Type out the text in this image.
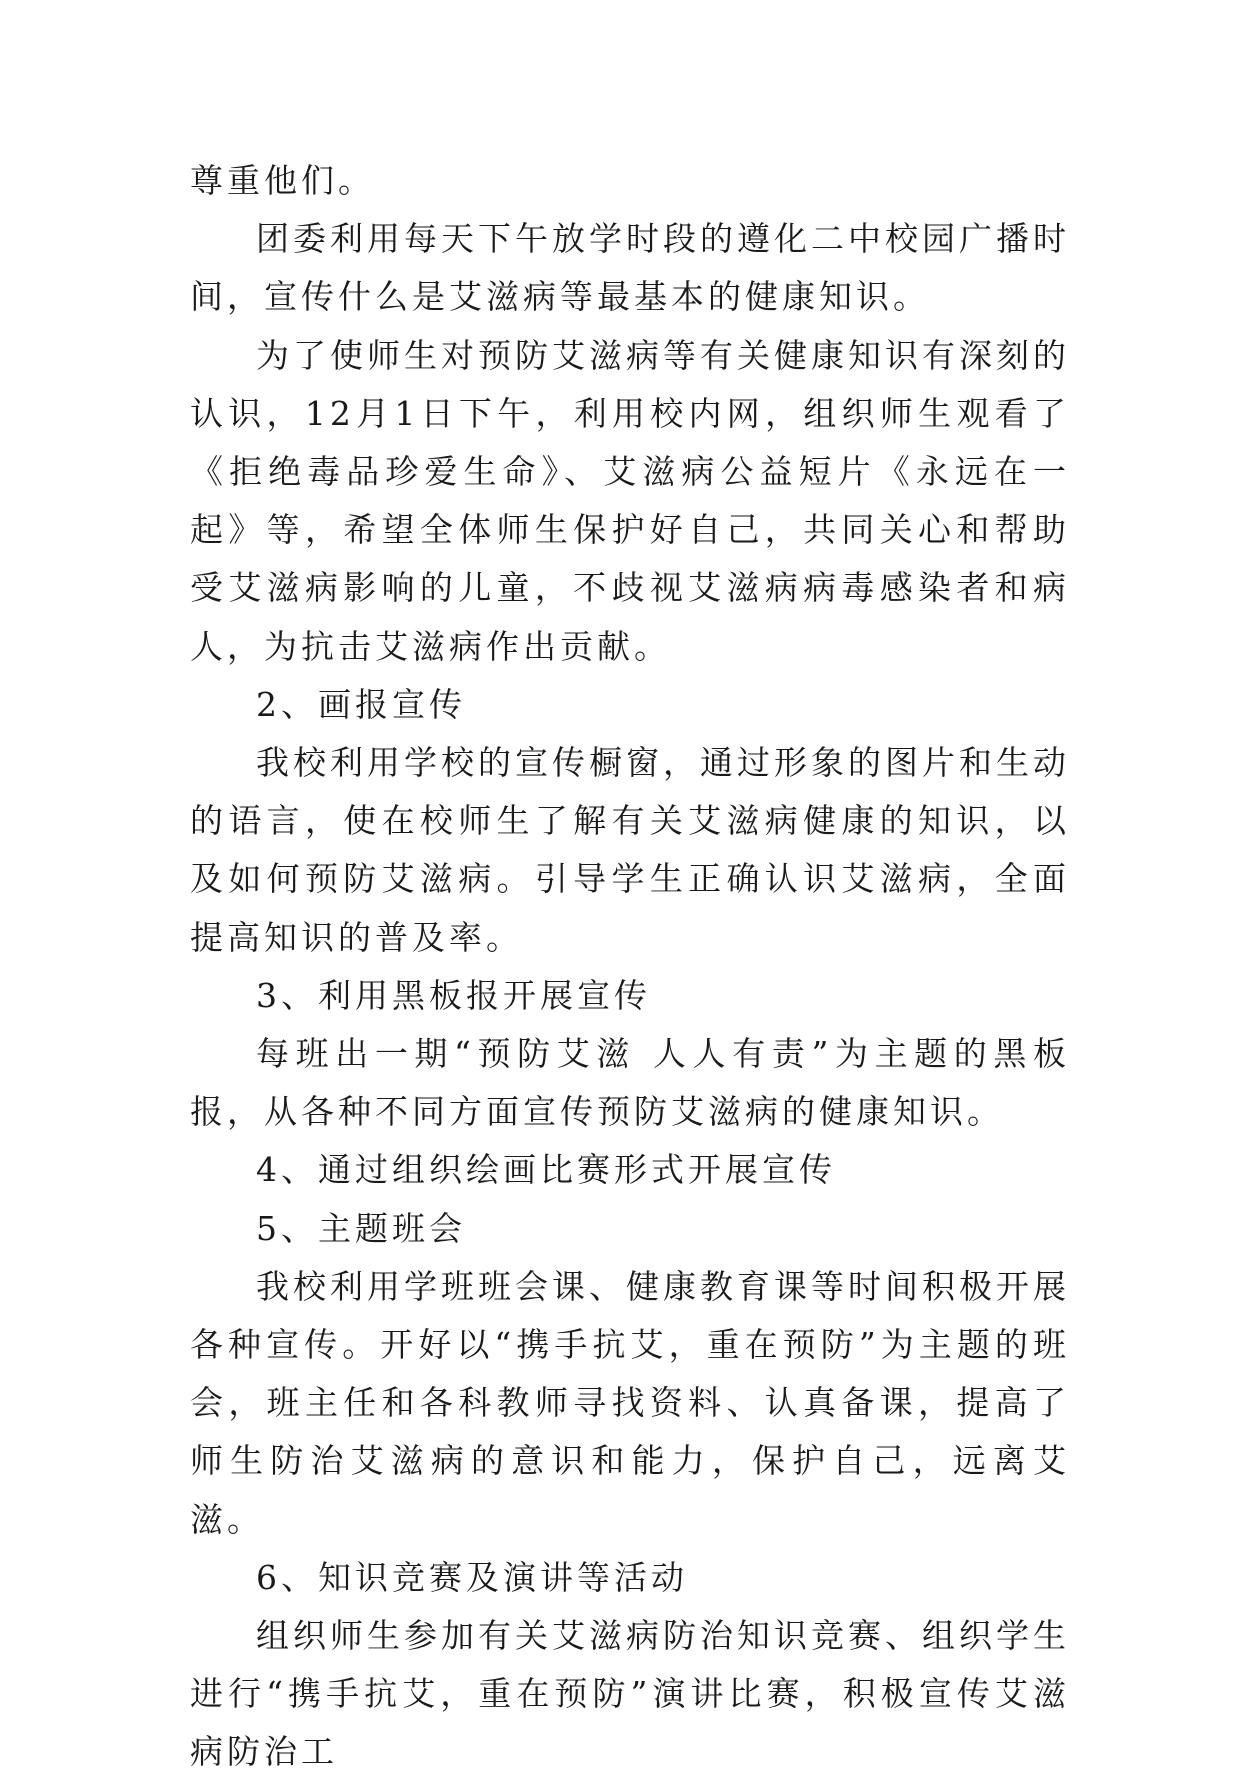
尊重他们。

团委利用每天下午放学时段的遵化二中校园广播时间，宣传什么是艾滋病等最基本的健康知识。

为了使师生对预防艾滋病等有关健康知识有深刻的认识，12月1日下午，利用校内网，组织师生观看了《拒绝毒品珍爱生命》、艾滋病公益短片《永远在一起》等，希望全体师生保护好自己，共同关心和帮助受艾滋病影响的儿童，不歧视艾滋病病毒感染者和病人，为抗击艾滋病作出贡献。

2、画报宣传

我校利用学校的宣传橱窗，通过形象的图片和生动的语言，使在校师生了解有关艾滋病健康的知识，以及如何预防艾滋病。引导学生正确认识艾滋病，全面提高知识的普及率。

3、利用黑板报开展宣传

每班出一期“预防艾滋 人人有责”为主题的黑板报，从各种不同方面宣传预防艾滋病的健康知识。

4、通过组织绘画比赛形式开展宣传

5、主题班会

我校利用学班班会课、健康教育课等时间积极开展各种宣传。开好以“携手抗艾，重在预防”为主题的班会，班主任和各科教师寻找资料、认真备课，提高了师生防治艾滋病的意识和能力，保护自己，远离艾滋。

6、知识竞赛及演讲等活动

组织师生参加有关艾滋病防治知识竞赛、组织学生进行“携手抗艾，重在预防”演讲比赛，积极宣传艾滋病防治工
